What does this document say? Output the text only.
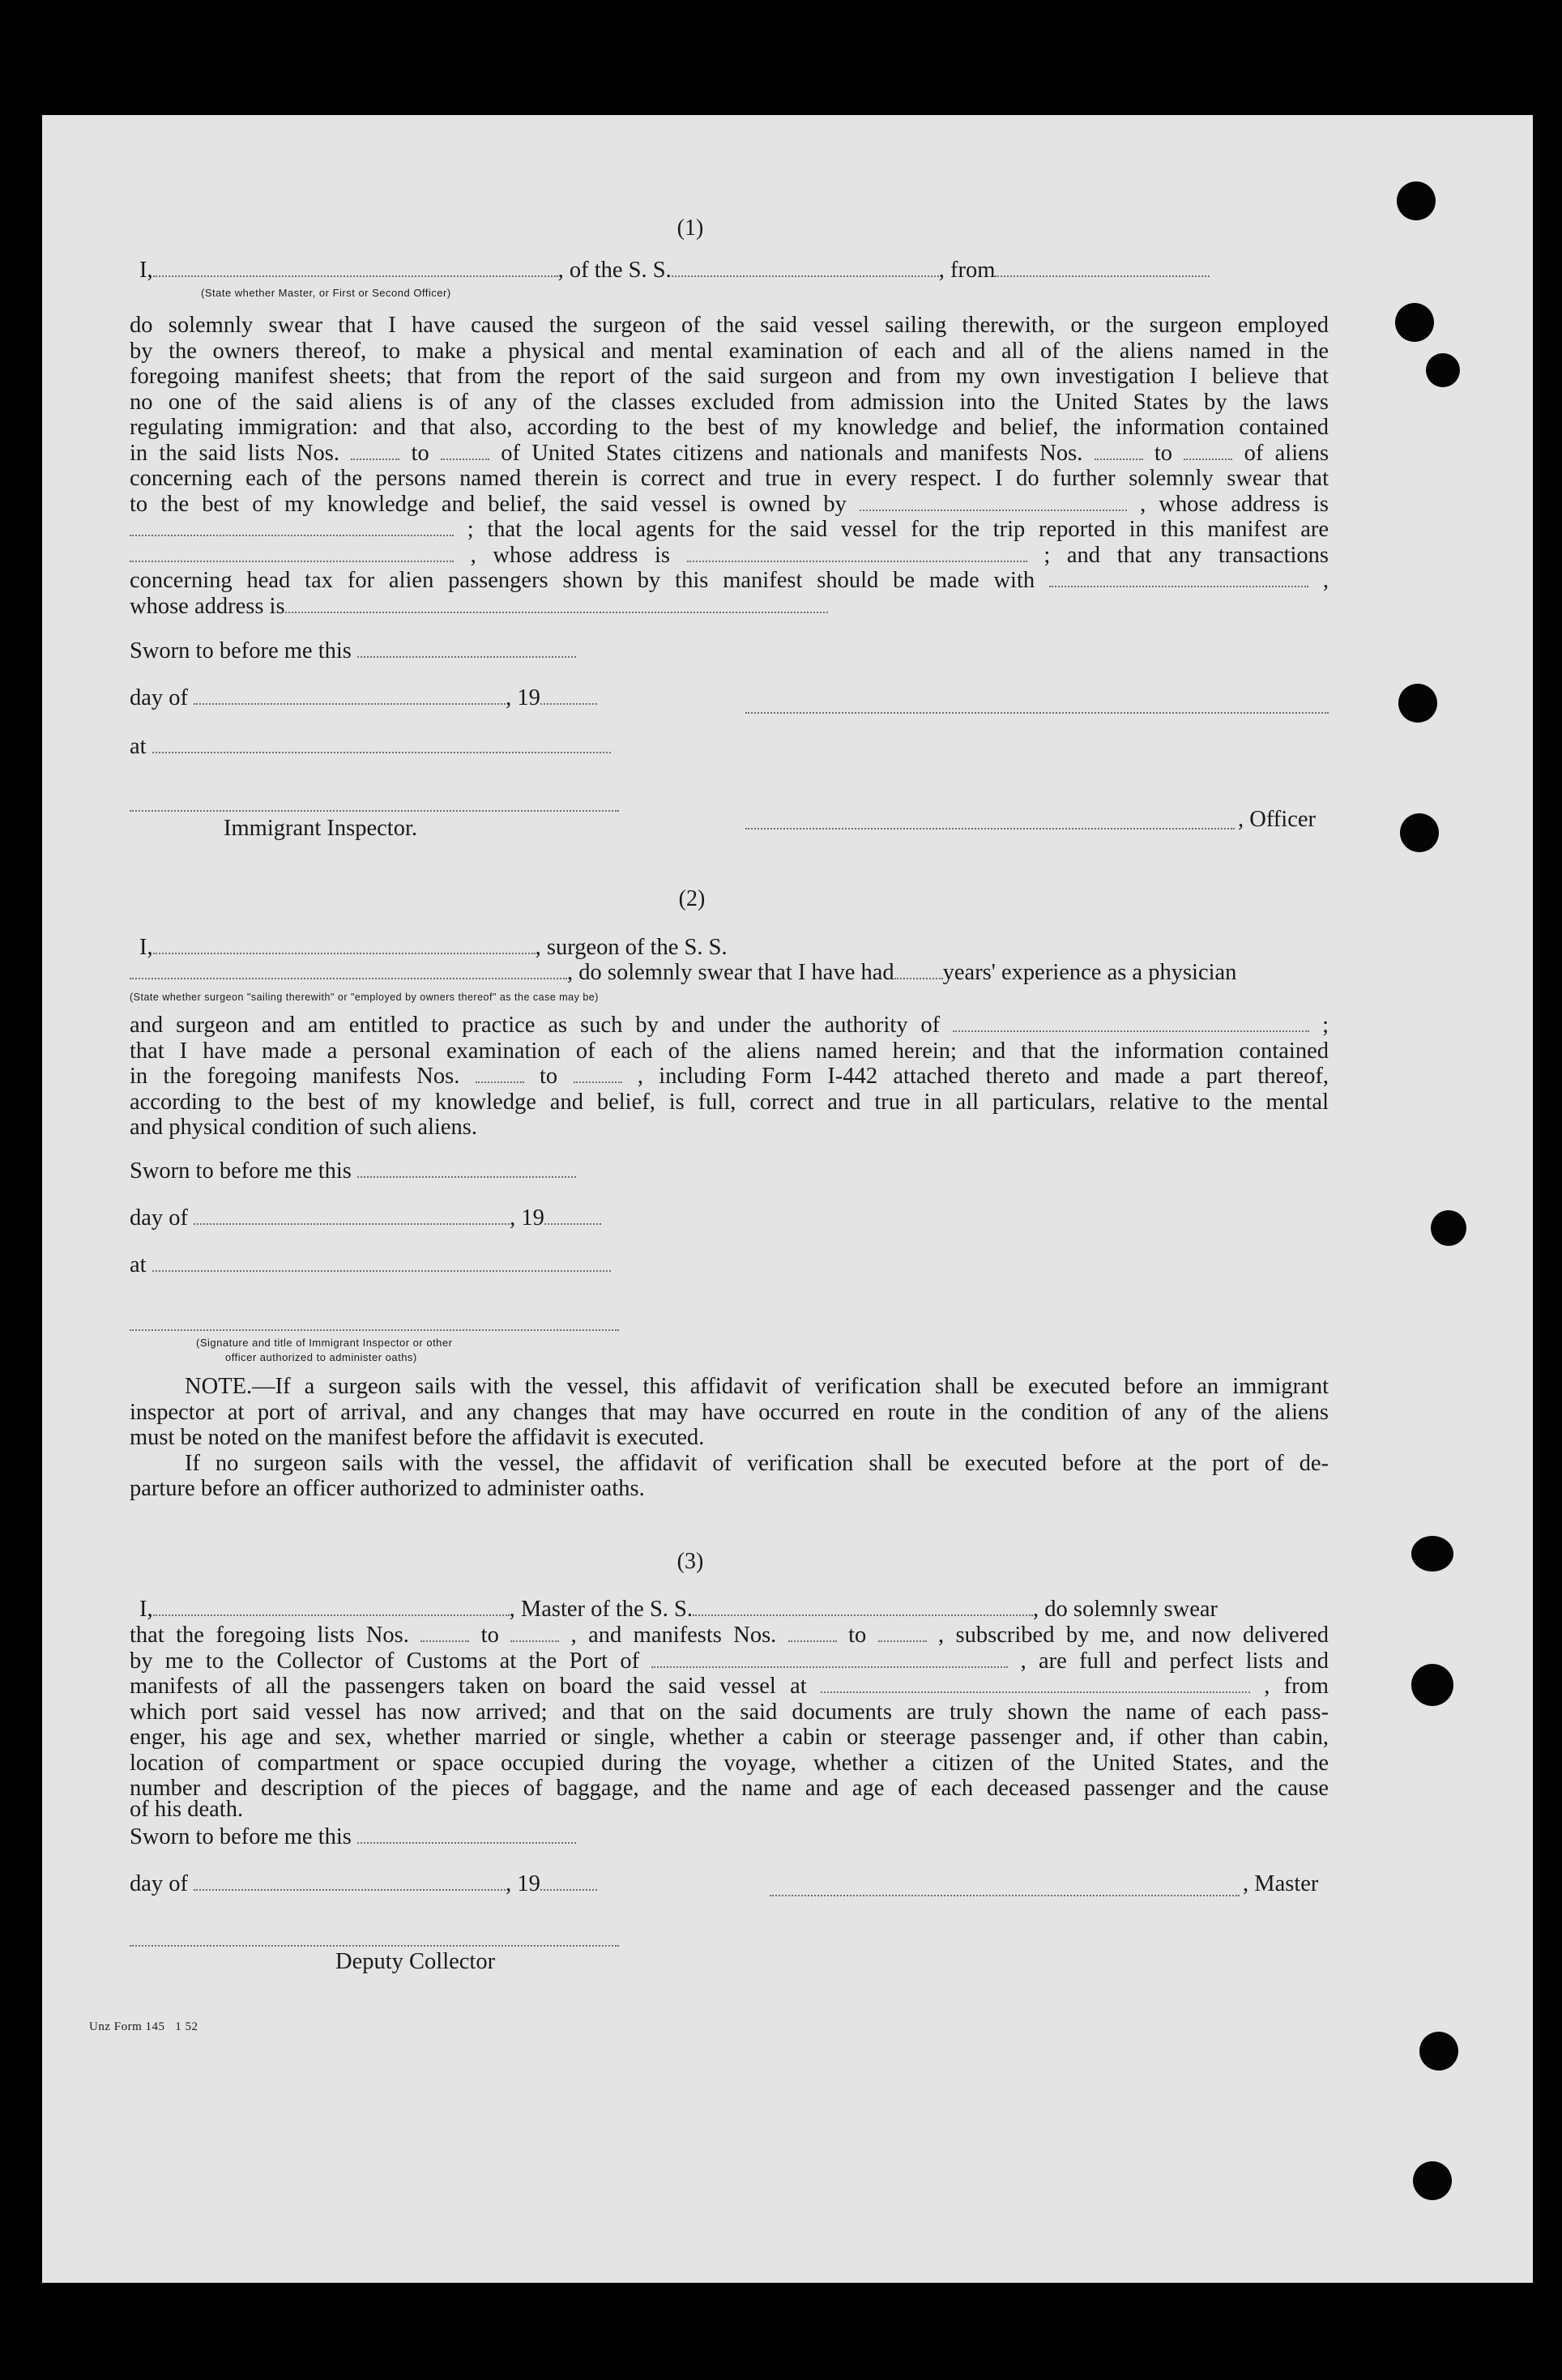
(1)
I,	, of the S. S.	, from
(State whether Master, or First or Second Officer)

do solemnly swear that I have caused the surgeon of the said vessel sailing therewith, or the surgeon employed

by the owners thereof, to make a physical and mental examination of each and all of the aliens named in the

foregoing manifest sheets; that from the report of the said surgeon and from my own investigation I believe that

no one of the said aliens is of any of the classes excluded from admission into the United States by the laws

regulating immigration: and that also, according to the best of my knowledge and belief, the information contained

in the said lists Nos.	to	of United States citizens and nationals and manifests Nos.	to	of aliens

concerning each of the persons named therein is correct and true in every respect. I do further solemnly swear that

to the best of my knowledge and belief, the said vessel is owned by	, whose address is

; that the local agents for the said vessel for the trip reported in this manifest are

, whose address is	; and that any transactions

concerning head tax for alien passengers shown by this manifest should be made with	,

whose address is

Sworn to before me this
day of	, 19
at
Immigrant Inspector.	, Officer
(2)
I,	, surgeon of the S. S.
, do solemnly swear that I have had years' experience as a physician
(State whether surgeon "sailing therewith" or "employed by owners thereof" as the case may be)

and surgeon and am entitled to practice as such by and under the authority of	;

that I have made a personal examination of each of the aliens named herein; and that the information contained

in the foregoing manifests Nos.	to	, including Form I-442 attached thereto and made a part thereof,

according to the best of my knowledge and belief, is full, correct and true in all particulars, relative to the mental

and physical condition of such aliens.

Sworn to before me this
day of	, 19
at
(Signature and title of Immigrant Inspector or other
officer authorized to administer oaths)

NOTE.—If a surgeon sails with the vessel, this affidavit of verification shall be executed before an immigrant

inspector at port of arrival, and any changes that may have occurred en route in the condition of any of the aliens

must be noted on the manifest before the affidavit is executed.

If no surgeon sails with the vessel, the affidavit of verification shall be executed before at the port of de-

parture before an officer authorized to administer oaths.

(3)
I,	, Master of the S. S.	, do solemnly swear

that the foregoing lists Nos.	to	, and manifests Nos.	to	, subscribed by me, and now delivered

by me to the Collector of Customs at the Port of	, are full and perfect lists and

manifests of all the passengers taken on board the said vessel at	, from

which port said vessel has now arrived; and that on the said documents are truly shown the name of each pass-

enger, his age and sex, whether married or single, whether a cabin or steerage passenger and, if other than cabin,

location of compartment or space occupied during the voyage, whether a citizen of the United States, and the

number and description of the pieces of baggage, and the name and age of each deceased passenger and the cause

of his death.

Sworn to before me this
day of	, 19	, Master
Deputy Collector
Unz Form 145   1 52
